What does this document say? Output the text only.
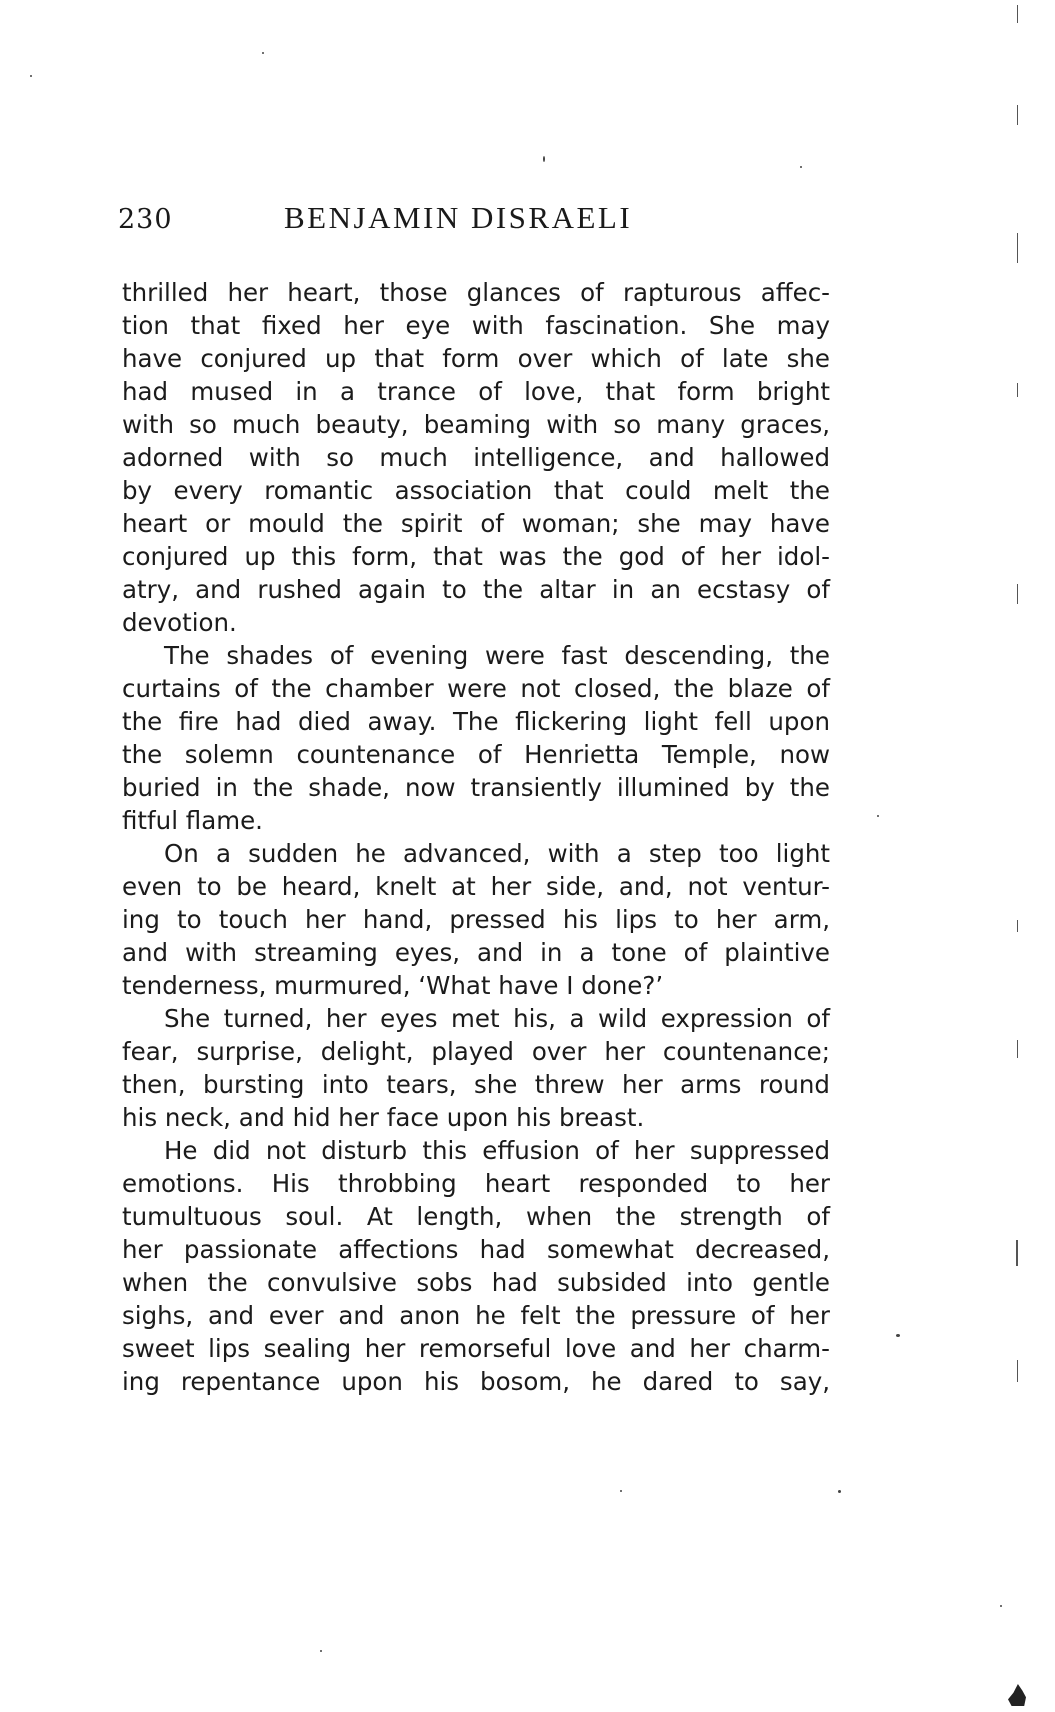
230	BENJAMIN DISRAELI
thrilled her heart, those glances of rapturous affec-
tion that fixed her eye with fascination. She may
have conjured up that form over which of late she
had mused in a trance of love, that form bright
with so much beauty, beaming with so many graces,
adorned with so much intelligence, and hallowed
by every romantic association that could melt the
heart or mould the spirit of woman; she may have
conjured up this form, that was the god of her idol-
atry, and rushed again to the altar in an ecstasy of
devotion.
The shades of evening were fast descending, the
curtains of the chamber were not closed, the blaze of
the fire had died away. The flickering light fell upon
the solemn countenance of Henrietta Temple, now
buried in the shade, now transiently illumined by the
fitful flame.
On a sudden he advanced, with a step too light
even to be heard, knelt at her side, and, not ventur-
ing to touch her hand, pressed his lips to her arm,
and with streaming eyes, and in a tone of plaintive
tenderness, murmured, ‘What have I done?’
She turned, her eyes met his, a wild expression of
fear, surprise, delight, played over her countenance;
then, bursting into tears, she threw her arms round
his neck, and hid her face upon his breast.
He did not disturb this effusion of her suppressed
emotions. His throbbing heart responded to her
tumultuous soul. At length, when the strength of
her passionate affections had somewhat decreased,
when the convulsive sobs had subsided into gentle
sighs, and ever and anon he felt the pressure of her
sweet lips sealing her remorseful love and her charm-
ing repentance upon his bosom, he dared to say,
